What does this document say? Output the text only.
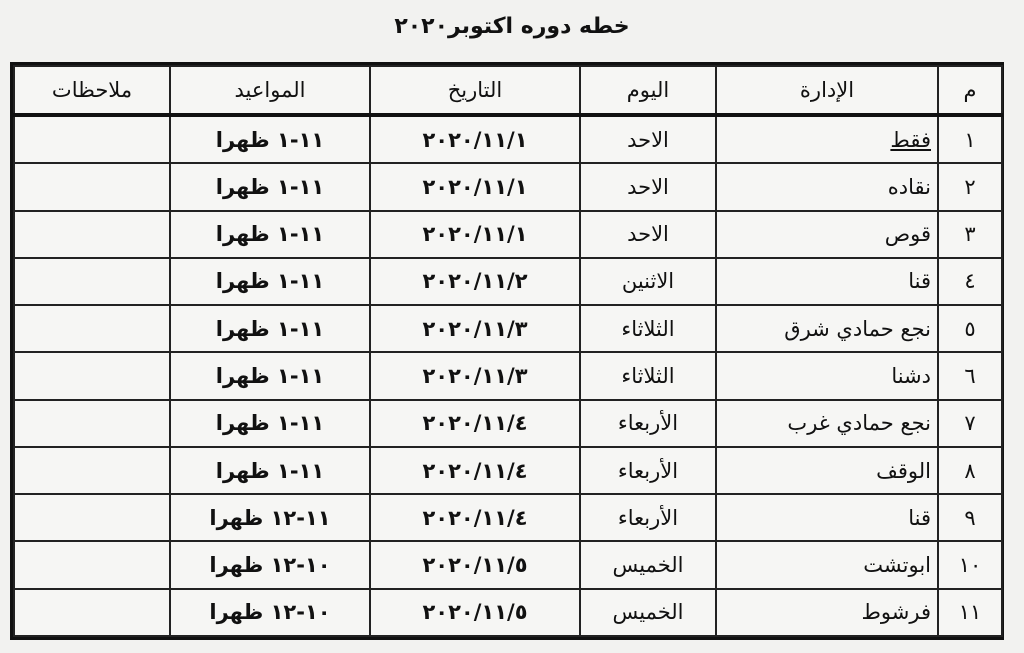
خطه دوره اكتوبر٢٠٢٠
م	الإدارة	اليوم	التاريخ	المواعيد	ملاحظات
١	فقط	الاحد	٢٠٢٠/١١/١	١١-١ ظهرا	
٢	نقاده	الاحد	٢٠٢٠/١١/١	١١-١ ظهرا	
٣	قوص	الاحد	٢٠٢٠/١١/١	١١-١ ظهرا	
٤	قنا	الاثنين	٢٠٢٠/١١/٢	١١-١ ظهرا	
٥	نجع حمادي شرق	الثلاثاء	٢٠٢٠/١١/٣	١١-١ ظهرا	
٦	دشنا	الثلاثاء	٢٠٢٠/١١/٣	١١-١ ظهرا	
٧	نجع حمادي غرب	الأربعاء	٢٠٢٠/١١/٤	١١-١ ظهرا	
٨	الوقف	الأربعاء	٢٠٢٠/١١/٤	١١-١ ظهرا	
٩	قنا	الأربعاء	٢٠٢٠/١١/٤	١١-١٢ ظهرا	
١٠	ابوتشت	الخميس	٢٠٢٠/١١/٥	١٠-١٢ ظهرا	
١١	فرشوط	الخميس	٢٠٢٠/١١/٥	١٠-١٢ ظهرا	
